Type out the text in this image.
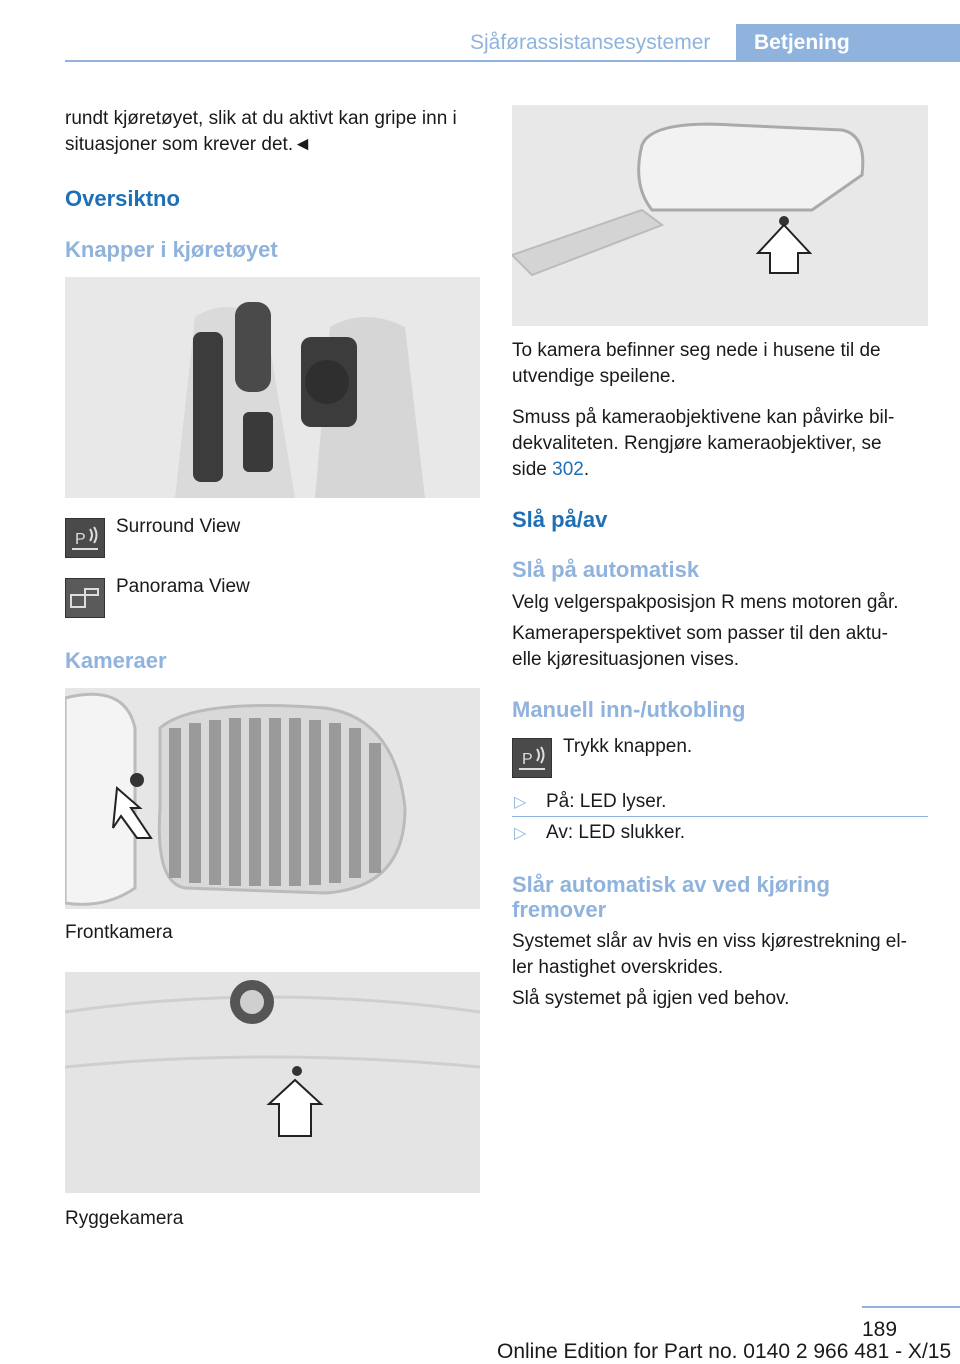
Sjåførassistansesystemer Betjening
rundt kjøretøyet, slik at du aktivt kan gripe inn i
situasjoner som krever det.◄
Oversiktno
Knapper i kjøretøyet
P
Surround View
Panorama View
Kameraer
Frontkamera
Ryggekamera
To kamera befinner seg nede i husene til de
utvendige speilene.
Smuss på kameraobjektivene kan påvirke bil-
dekvaliteten. Rengjøre kameraobjektiver, se
side 302.
Slå på/av
Slå på automatisk
Velg velgerspakposisjon R mens motoren går.
Kameraperspektivet som passer til den aktu-
elle kjøresituasjonen vises.
Manuell inn-/utkobling
P
Trykk knappen.
▷ På: LED lyser.
▷ Av: LED slukker.
Slår automatisk av ved kjøring
fremover
Systemet slår av hvis en viss kjørestrekning el-
ler hastighet overskrides.
Slå systemet på igjen ved behov.
189
Online Edition for Part no. 0140 2 966 481 - X/15
